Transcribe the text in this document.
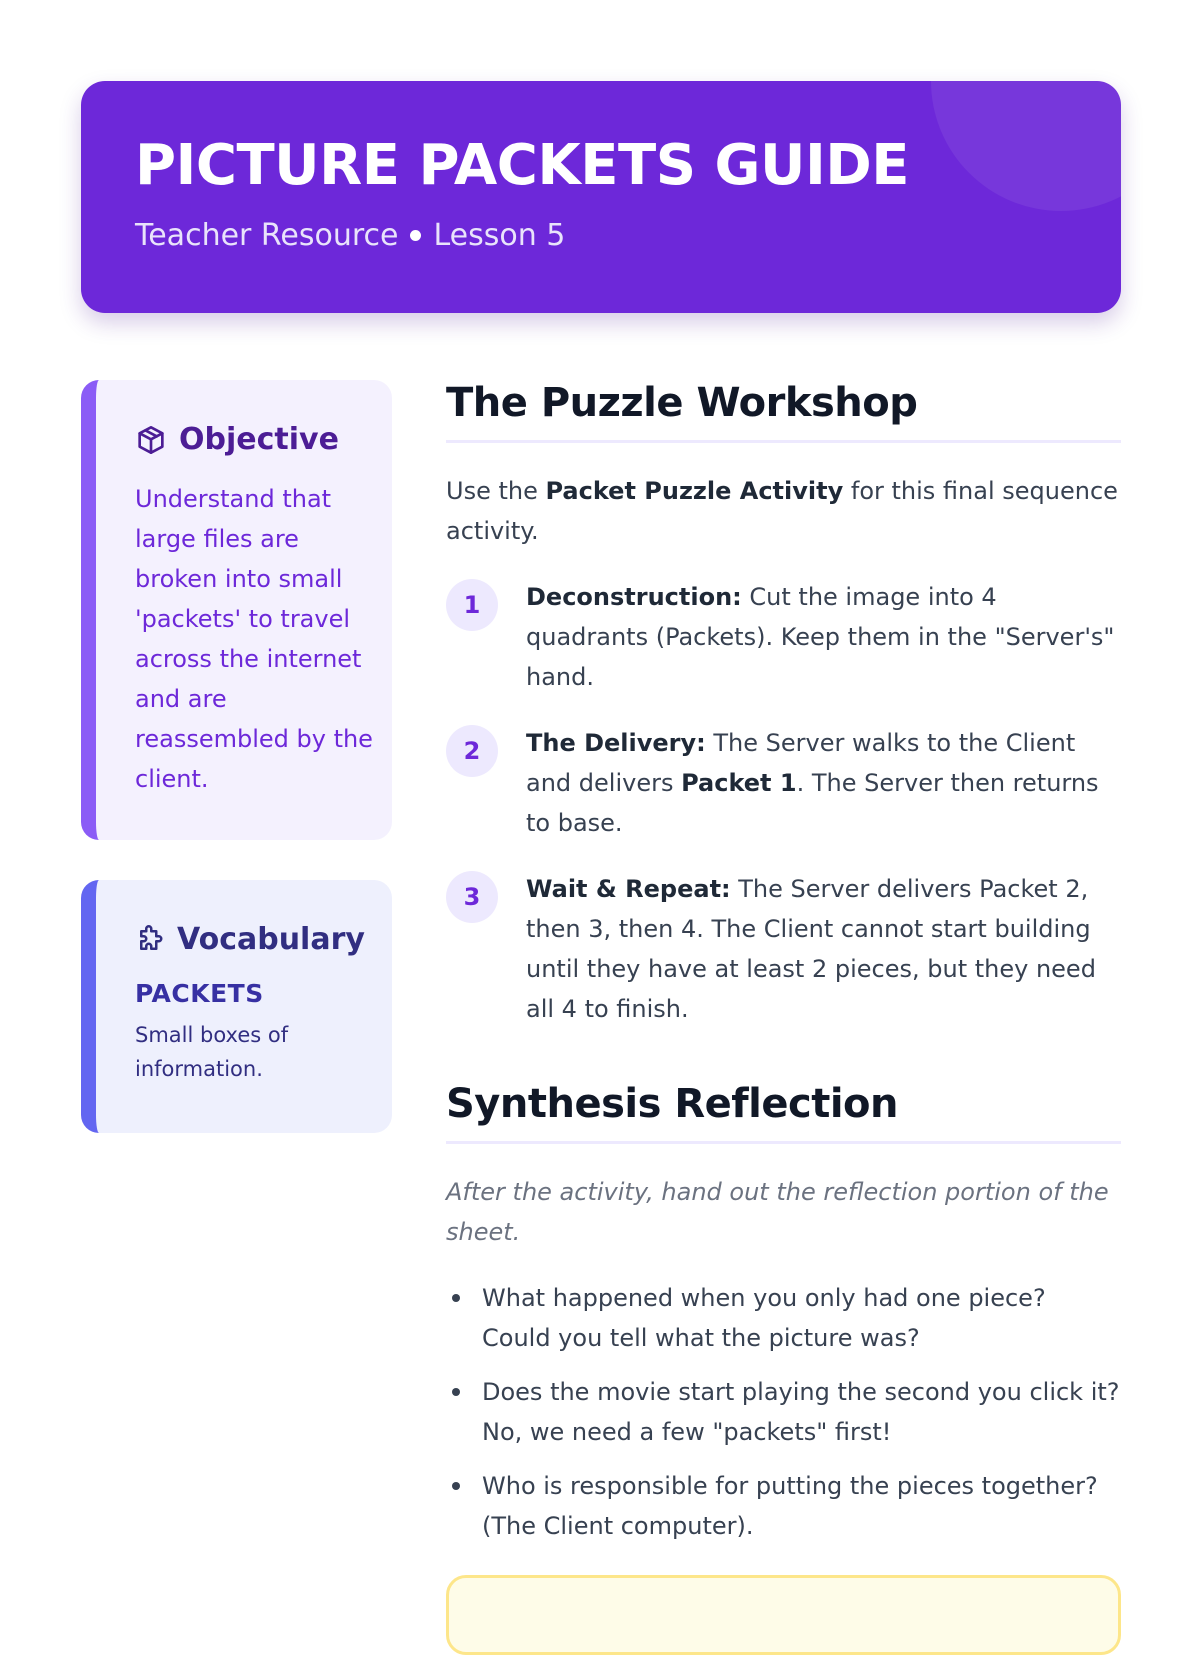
PICTURE PACKETS GUIDE
Teacher Resource Lesson 5
Objective
Understand that large files are broken into small 'packets' to travel across the internet and are reassembled by the client.
Vocabulary
PACKETS
Small boxes of information.
The Puzzle Workshop
Use the Packet Puzzle Activity for this final sequence activity.
1	Deconstruction: Cut the image into 4 quadrants (Packets). Keep them in the "Server's" hand.
2	The Delivery: The Server walks to the Client and delivers Packet 1. The Server then returns to base.
3	Wait & Repeat: The Server delivers Packet 2, then 3, then 4. The Client cannot start building until they have at least 2 pieces, but they need all 4 to finish.
Synthesis Reflection
After the activity, hand out the reflection portion of the sheet.
What happened when you only had one piece? Could you tell what the picture was?
Does the movie start playing the second you click it? No, we need a few "packets" first!
Who is responsible for putting the pieces together? (The Client computer).
